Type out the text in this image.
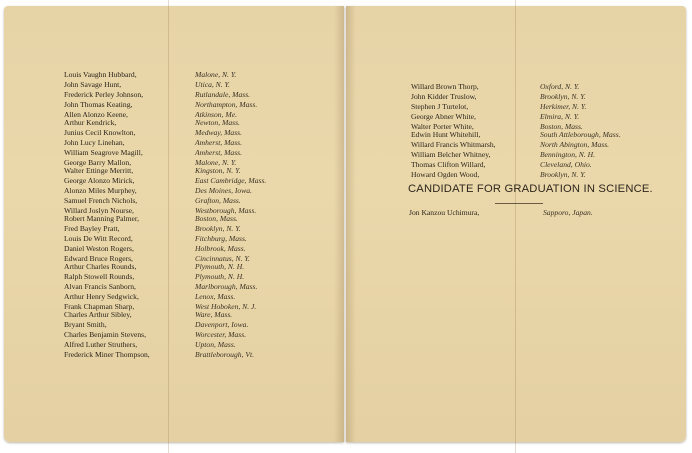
Louis Vaughn Hubbard,	Malone, N. Y.
John Savage Hunt,	Utica, N. Y.
Frederick Perley Johnson,	Rutlandale, Mass.
John Thomas Keating,	Northampton, Mass.
Allen Alonzo Keene,	Atkinson, Me.
Arthur Kendrick,	Newton, Mass.
Junius Cecil Knowlton,	Medway, Mass.
John Lucy Linehan,	Amherst, Mass.
William Seagrove Magill,	Amherst, Mass.
George Barry Mallon,	Malone, N. Y.
Walter Ettinge Merritt,	Kingston, N. Y.
George Alonzo Mirick,	East Cambridge, Mass.
Alonzo Miles Murphey,	Des Moines, Iowa.
Samuel French Nichols,	Grafton, Mass.
Willard Joslyn Nourse,	Westborough, Mass.
Robert Manning Palmer,	Boston, Mass.
Fred Bayley Pratt,	Brooklyn, N. Y.
Louis De Witt Record,	Fitchburg, Mass.
Daniel Weston Rogers,	Holbrook, Mass.
Edward Bruce Rogers,	Cincinnatus, N. Y.
Arthur Charles Rounds,	Plymouth, N. H.
Ralph Stowell Rounds,	Plymouth, N. H.
Alvan Francis Sanborn,	Marlborough, Mass.
Arthur Henry Sedgwick,	Lenox, Mass.
Frank Chapman Sharp,	West Hoboken, N. J.
Charles Arthur Sibley,	Ware, Mass.
Bryant Smith,	Davenport, Iowa.
Charles Benjamin Stevens,	Worcester, Mass.
Alfred Luther Struthers,	Upton, Mass.
Frederick Miner Thompson,	Brattleborough, Vt.
Willard Brown Thorp,	Oxford, N. Y.
John Kidder Truslow,	Brooklyn, N. Y.
Stephen J Turtelot,	Herkimer, N. Y.
George Abner White,	Elmira, N. Y.
Walter Porter White,	Boston, Mass.
Edwin Hunt Whitehill,	South Attleborough, Mass.
Willard Francis Whitmarsh,	North Abington, Mass.
William Belcher Whitney,	Bennington, N. H.
Thomas Clifton Willard,	Cleveland, Ohio.
Howard Ogden Wood,	Brooklyn, N. Y.
CANDIDATE FOR GRADUATION IN SCIENCE.
Jon Kanzou Uchimura,	Sapporo, Japan.
